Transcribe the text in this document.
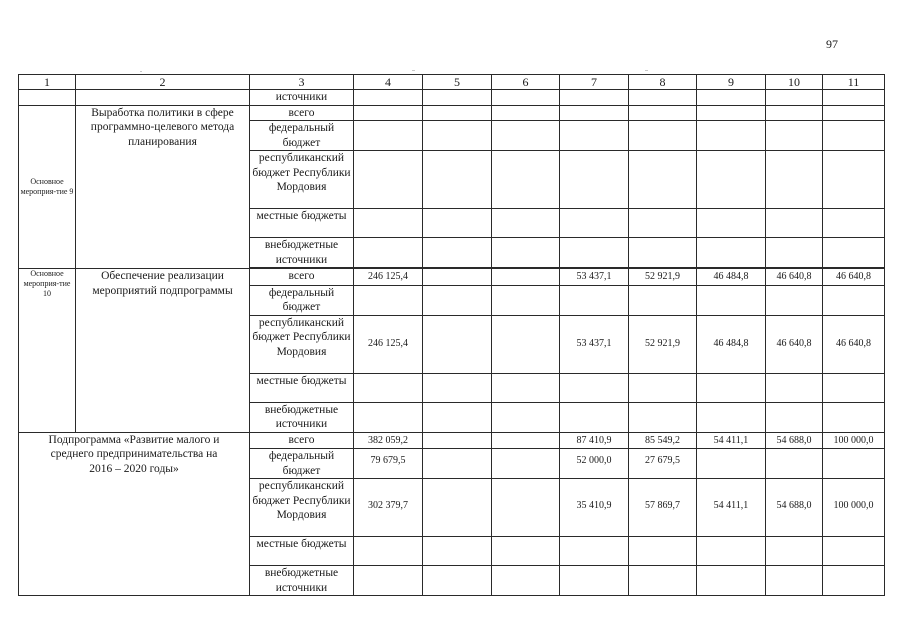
97
1	2	3	4	5	6	7	8	9	10	11
		источники								
Основное мероприя-тие 9	Выработка политики в сфере программно-целевого метода планирования	всего								
		федеральный бюджет								
		республиканский бюджет Республики Мордовия								
		местные бюджеты								
		внебюджетные источники								

Основное мероприя-тие 10	Обеспечение реализации мероприятий подпрограммы	всего	246 125,4			53 437,1	52 921,9	46 484,8	46 640,8	46 640,8
		федеральный бюджет								
		республиканский бюджет Республики Мордовия	246 125,4			53 437,1	52 921,9	46 484,8	46 640,8	46 640,8
		местные бюджеты								
		внебюджетные источники								
Подпрограмма «Развитие малого и среднего предпринимательства на 2016 – 2020 годы»		всего	382 059,2			87 410,9	85 549,2	54 411,1	54 688,0	100 000,0
		федеральный бюджет	79 679,5			52 000,0	27 679,5			
		республиканский бюджет Республики Мордовия	302 379,7			35 410,9	57 869,7	54 411,1	54 688,0	100 000,0
		местные бюджеты								
		внебюджетные источники								
